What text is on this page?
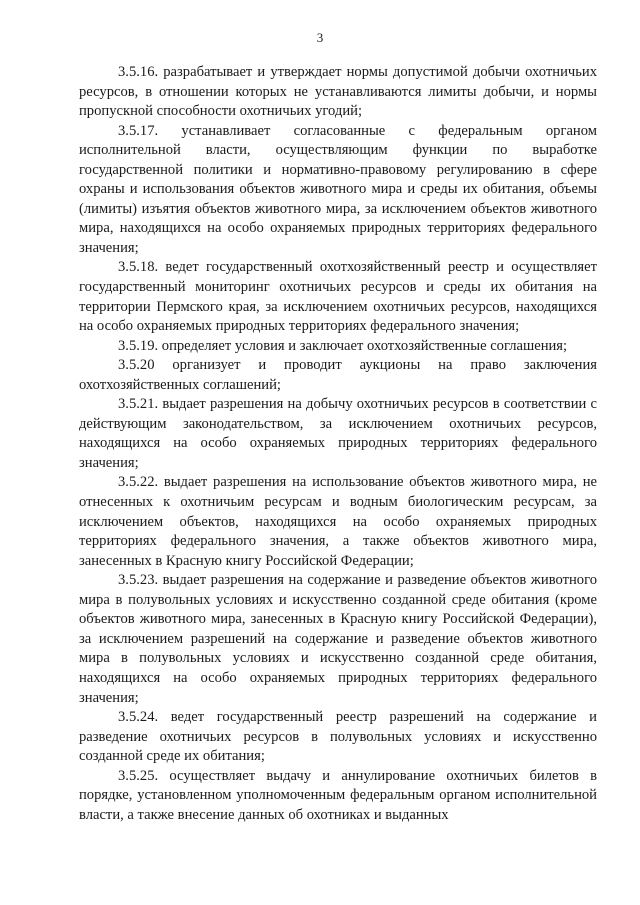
3

3.5.16. разрабатывает и утверждает нормы допустимой добычи охотничьих ресурсов, в отношении которых не устанавливаются лимиты добычи, и нормы пропускной способности охотничьих угодий;

3.5.17. устанавливает согласованные с федеральным органом исполнительной власти, осуществляющим функции по выработке государственной политики и нормативно-правовому регулированию в сфере охраны и использования объектов животного мира и среды их обитания, объемы (лимиты) изъятия объектов животного мира, за исключением объектов животного мира, находящихся на особо охраняемых природных территориях федерального значения;

3.5.18. ведет государственный охотхозяйственный реестр и осуществляет государственный мониторинг охотничьих ресурсов и среды их обитания на территории Пермского края, за исключением охотничьих ресурсов, находящихся на особо охраняемых природных территориях федерального значения;

3.5.19. определяет условия и заключает охотхозяйственные соглашения;

3.5.20 организует и проводит аукционы на право заключения охотхозяйственных соглашений;

3.5.21. выдает разрешения на добычу охотничьих ресурсов в соответствии с действующим законодательством, за исключением охотничьих ресурсов, находящихся на особо охраняемых природных территориях федерального значения;

3.5.22. выдает разрешения на использование объектов животного мира, не отнесенных к охотничьим ресурсам и водным биологическим ресурсам, за исключением объектов, находящихся на особо охраняемых природных территориях федерального значения, а также объектов животного мира, занесенных в Красную книгу Российской Федерации;

3.5.23. выдает разрешения на содержание и разведение объектов животного мира в полувольных условиях и искусственно созданной среде обитания (кроме объектов животного мира, занесенных в Красную книгу Российской Федерации), за исключением разрешений на содержание и разведение объектов животного мира в полувольных условиях и искусственно созданной среде обитания, находящихся на особо охраняемых природных территориях федерального значения;

3.5.24. ведет государственный реестр разрешений на содержание и разведение охотничьих ресурсов в полувольных условиях и искусственно созданной среде их обитания;

3.5.25. осуществляет выдачу и аннулирование охотничьих билетов в порядке, установленном уполномоченным федеральным органом исполнительной власти, а также внесение данных об охотниках и выданных
